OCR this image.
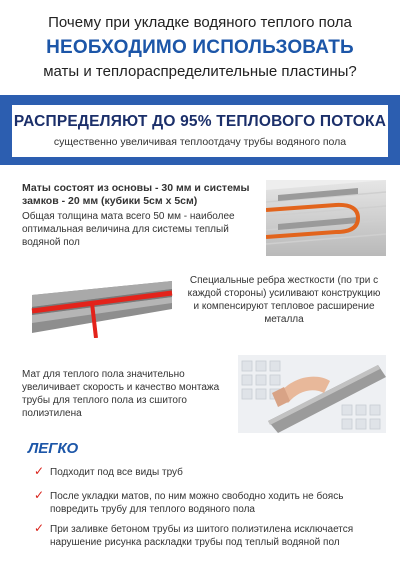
Почему при укладке водяного теплого пола
НЕОБХОДИМО ИСПОЛЬЗОВАТЬ
маты и теплораспределительные пластины?
РАСПРЕДЕЛЯЮТ ДО 95% ТЕПЛОВОГО ПОТОКА
существенно увеличивая теплоотдачу трубы водяного пола
Маты состоят из основы - 30 мм и системы замков - 20 мм (кубики 5см х 5см)
Общая толщина мата всего 50 мм - наиболее оптимальная величина для системы теплый водяной пол
Специальные ребра жесткости (по три с каждой стороны) усиливают конструкцию и компенсируют тепловое расширение металла
Мат для теплого пола значительно увеличивает скорость и качество монтажа трубы для теплого пола из сшитого полиэтилена
ЛЕГКО
✓ Подходит под все виды труб
✓ После укладки матов, по ним можно свободно ходить не боясь повредить трубу для теплого водяного пола
✓ При заливке бетоном трубы из шитого полиэтилена исключается нарушение рисунка раскладки трубы под теплый водяной пол
